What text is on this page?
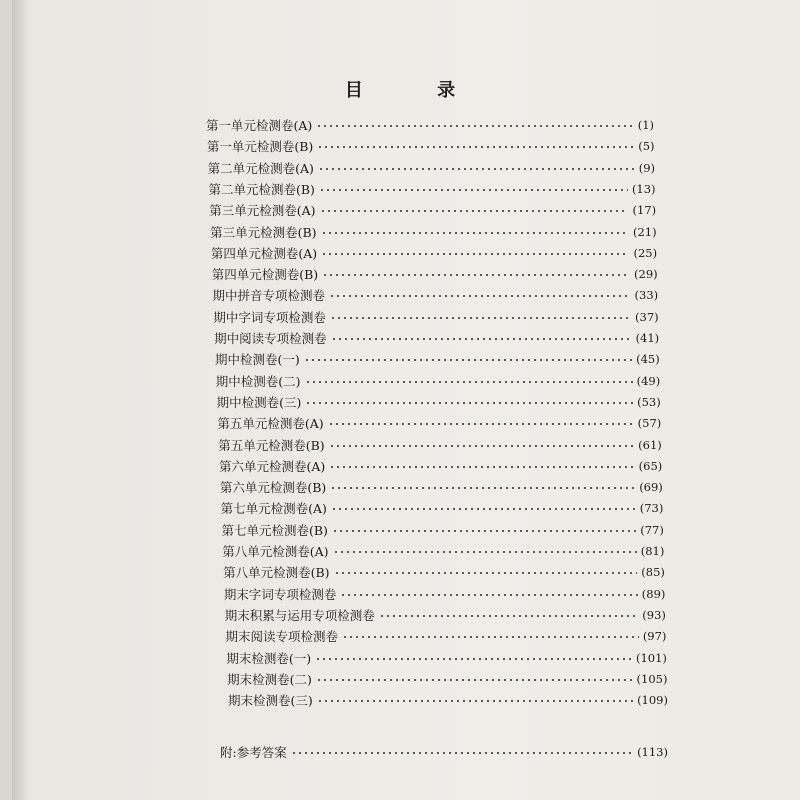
目 录
第一单元检测卷(A)	(1)
第一单元检测卷(B)	(5)
第二单元检测卷(A)	(9)
第二单元检测卷(B)	(13)
第三单元检测卷(A)	(17)
第三单元检测卷(B)	(21)
第四单元检测卷(A)	(25)
第四单元检测卷(B)	(29)
期中拼音专项检测卷	(33)
期中字词专项检测卷	(37)
期中阅读专项检测卷	(41)
期中检测卷(一)	(45)
期中检测卷(二)	(49)
期中检测卷(三)	(53)
第五单元检测卷(A)	(57)
第五单元检测卷(B)	(61)
第六单元检测卷(A)	(65)
第六单元检测卷(B)	(69)
第七单元检测卷(A)	(73)
第七单元检测卷(B)	(77)
第八单元检测卷(A)	(81)
第八单元检测卷(B)	(85)
期末字词专项检测卷	(89)
期末积累与运用专项检测卷	(93)
期末阅读专项检测卷	(97)
期末检测卷(一)	(101)
期末检测卷(二)	(105)
期末检测卷(三)	(109)
附:参考答案	(113)
